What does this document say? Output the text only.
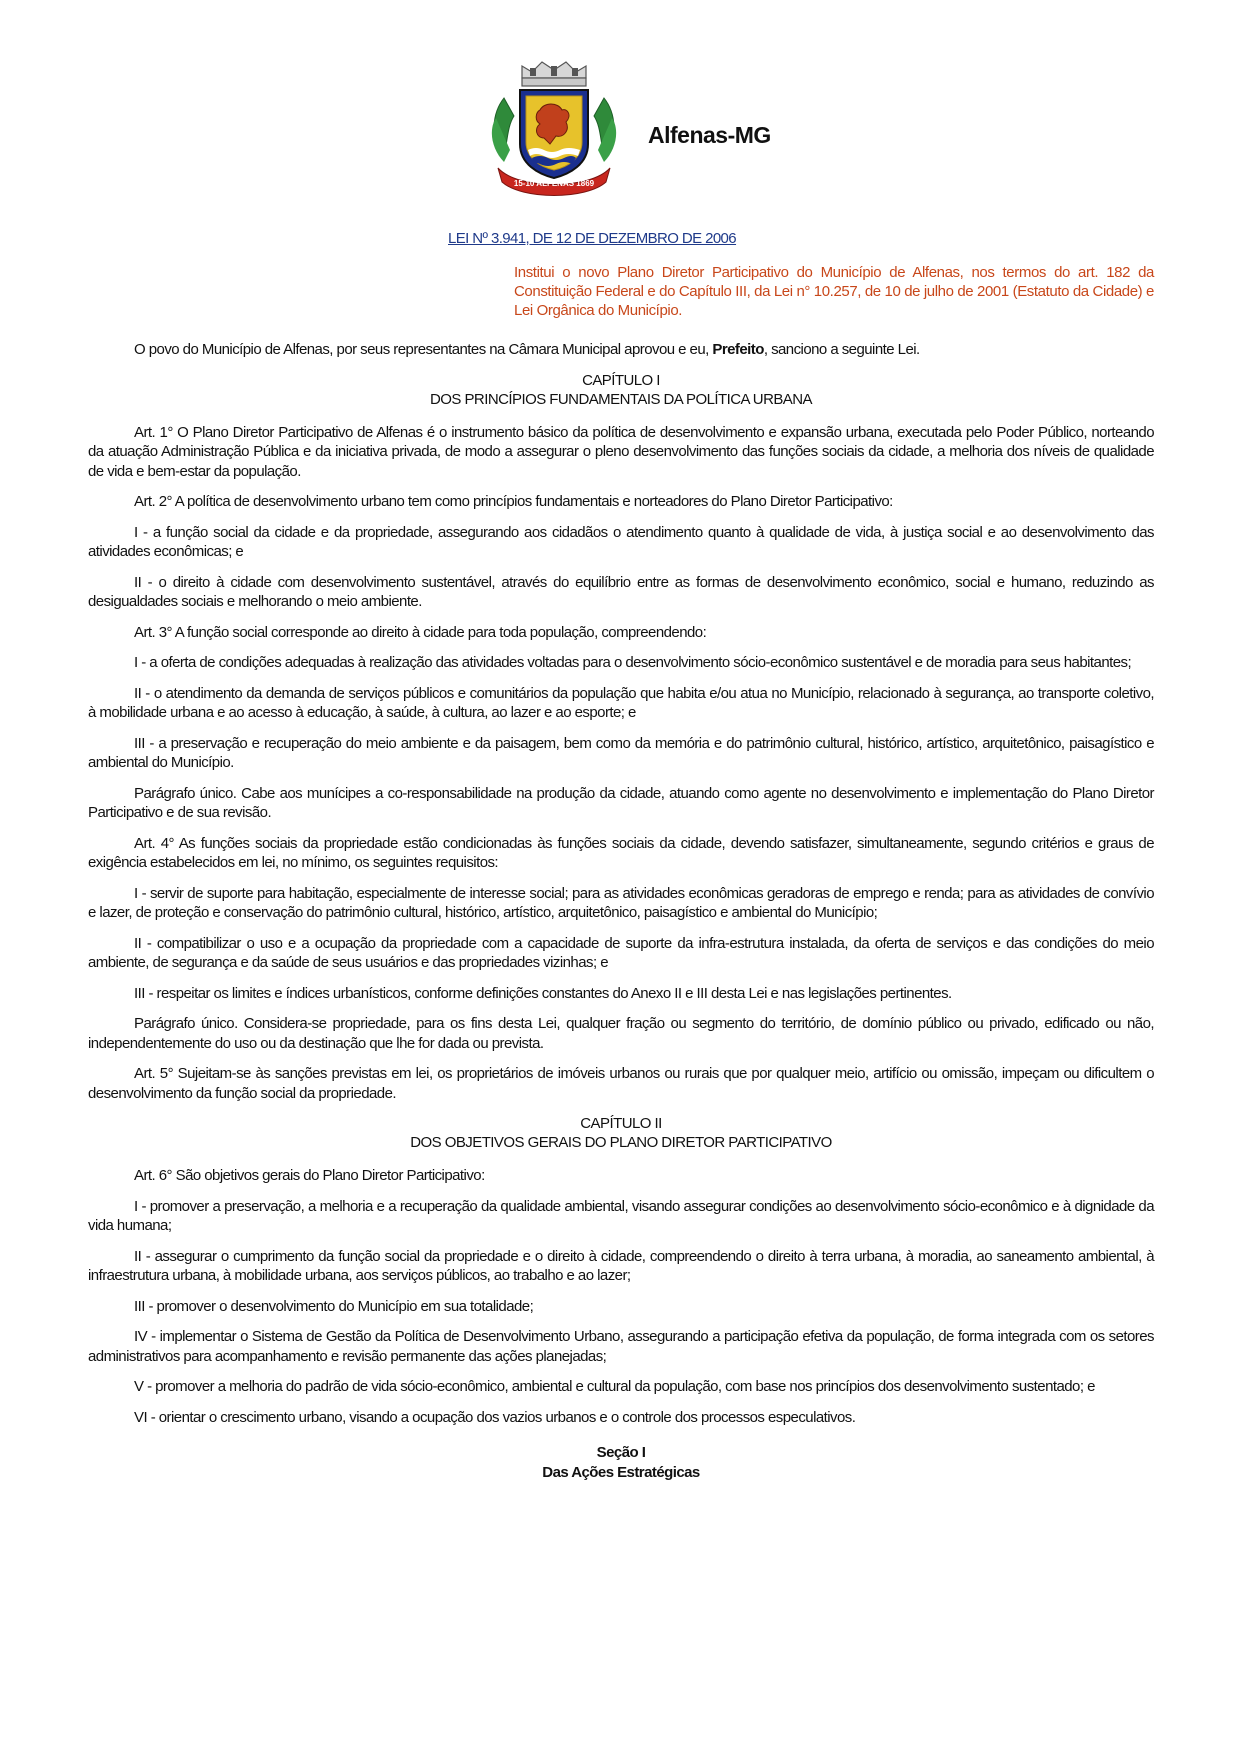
15-10 ALFENAS 1869
Alfenas-MG
LEI Nº 3.941, DE 12 DE DEZEMBRO DE 2006
Institui o novo Plano Diretor Participativo do Município de Alfenas, nos termos do art. 182 da Constituição Federal e do Capítulo III, da Lei n° 10.257, de 10 de julho de 2001 (Estatuto da Cidade) e Lei Orgânica do Município.

O povo do Município de Alfenas, por seus representantes na Câmara Municipal aprovou e eu, Prefeito, sanciono a seguinte Lei.

CAPÍTULO I
DOS PRINCÍPIOS FUNDAMENTAIS DA POLÍTICA URBANA

Art. 1° O Plano Diretor Participativo de Alfenas é o instrumento básico da política de desenvolvimento e expansão urbana, executada pelo Poder Público, norteando da atuação Administração Pública e da iniciativa privada, de modo a assegurar o pleno desenvolvimento das funções sociais da cidade, a melhoria dos níveis de qualidade de vida e bem-estar da população.

Art. 2° A política de desenvolvimento urbano tem como princípios fundamentais e norteadores do Plano Diretor Participativo:

I - a função social da cidade e da propriedade, assegurando aos cidadãos o atendimento quanto à qualidade de vida, à justiça social e ao desenvolvimento das atividades econômicas; e

II - o direito à cidade com desenvolvimento sustentável, através do equilíbrio entre as formas de desenvolvimento econômico, social e humano, reduzindo as desigualdades sociais e melhorando o meio ambiente.

Art. 3° A função social corresponde ao direito à cidade para toda população, compreendendo:

I - a oferta de condições adequadas à realização das atividades voltadas para o desenvolvimento sócio-econômico sustentável e de moradia para seus habitantes;

II - o atendimento da demanda de serviços públicos e comunitários da população que habita e/ou atua no Município, relacionado à segurança, ao transporte coletivo, à mobilidade urbana e ao acesso à educação, à saúde, à cultura, ao lazer e ao esporte; e

III - a preservação e recuperação do meio ambiente e da paisagem, bem como da memória e do patrimônio cultural, histórico, artístico, arquitetônico, paisagístico e ambiental do Município.

Parágrafo único. Cabe aos munícipes a co-responsabilidade na produção da cidade, atuando como agente no desenvolvimento e implementação do Plano Diretor Participativo e de sua revisão.

Art. 4° As funções sociais da propriedade estão condicionadas às funções sociais da cidade, devendo satisfazer, simultaneamente, segundo critérios e graus de exigência estabelecidos em lei, no mínimo, os seguintes requisitos:

I - servir de suporte para habitação, especialmente de interesse social; para as atividades econômicas geradoras de emprego e renda; para as atividades de convívio e lazer, de proteção e conservação do patrimônio cultural, histórico, artístico, arquitetônico, paisagístico e ambiental do Município;

II - compatibilizar o uso e a ocupação da propriedade com a capacidade de suporte da infra-estrutura instalada, da oferta de serviços e das condições do meio ambiente, de segurança e da saúde de seus usuários e das propriedades vizinhas; e

III - respeitar os limites e índices urbanísticos, conforme definições constantes do Anexo II e III desta Lei e nas legislações pertinentes.

Parágrafo único. Considera-se propriedade, para os fins desta Lei, qualquer fração ou segmento do território, de domínio público ou privado, edificado ou não, independentemente do uso ou da destinação que lhe for dada ou prevista.

Art. 5° Sujeitam-se às sanções previstas em lei, os proprietários de imóveis urbanos ou rurais que por qualquer meio, artifício ou omissão, impeçam ou dificultem o desenvolvimento da função social da propriedade.

CAPÍTULO II
DOS OBJETIVOS GERAIS DO PLANO DIRETOR PARTICIPATIVO

Art. 6° São objetivos gerais do Plano Diretor Participativo:

I - promover a preservação, a melhoria e a recuperação da qualidade ambiental, visando assegurar condições ao desenvolvimento sócio-econômico e à dignidade da vida humana;

II - assegurar o cumprimento da função social da propriedade e o direito à cidade, compreendendo o direito à terra urbana, à moradia, ao saneamento ambiental, à infraestrutura urbana, à mobilidade urbana, aos serviços públicos, ao trabalho e ao lazer;

III - promover o desenvolvimento do Município em sua totalidade;

IV - implementar o Sistema de Gestão da Política de Desenvolvimento Urbano, assegurando a participação efetiva da população, de forma integrada com os setores administrativos para acompanhamento e revisão permanente das ações planejadas;

V - promover a melhoria do padrão de vida sócio-econômico, ambiental e cultural da população, com base nos princípios dos desenvolvimento sustentado; e

VI - orientar o crescimento urbano, visando a ocupação dos vazios urbanos e o controle dos processos especulativos.

Seção I
Das Ações Estratégicas
